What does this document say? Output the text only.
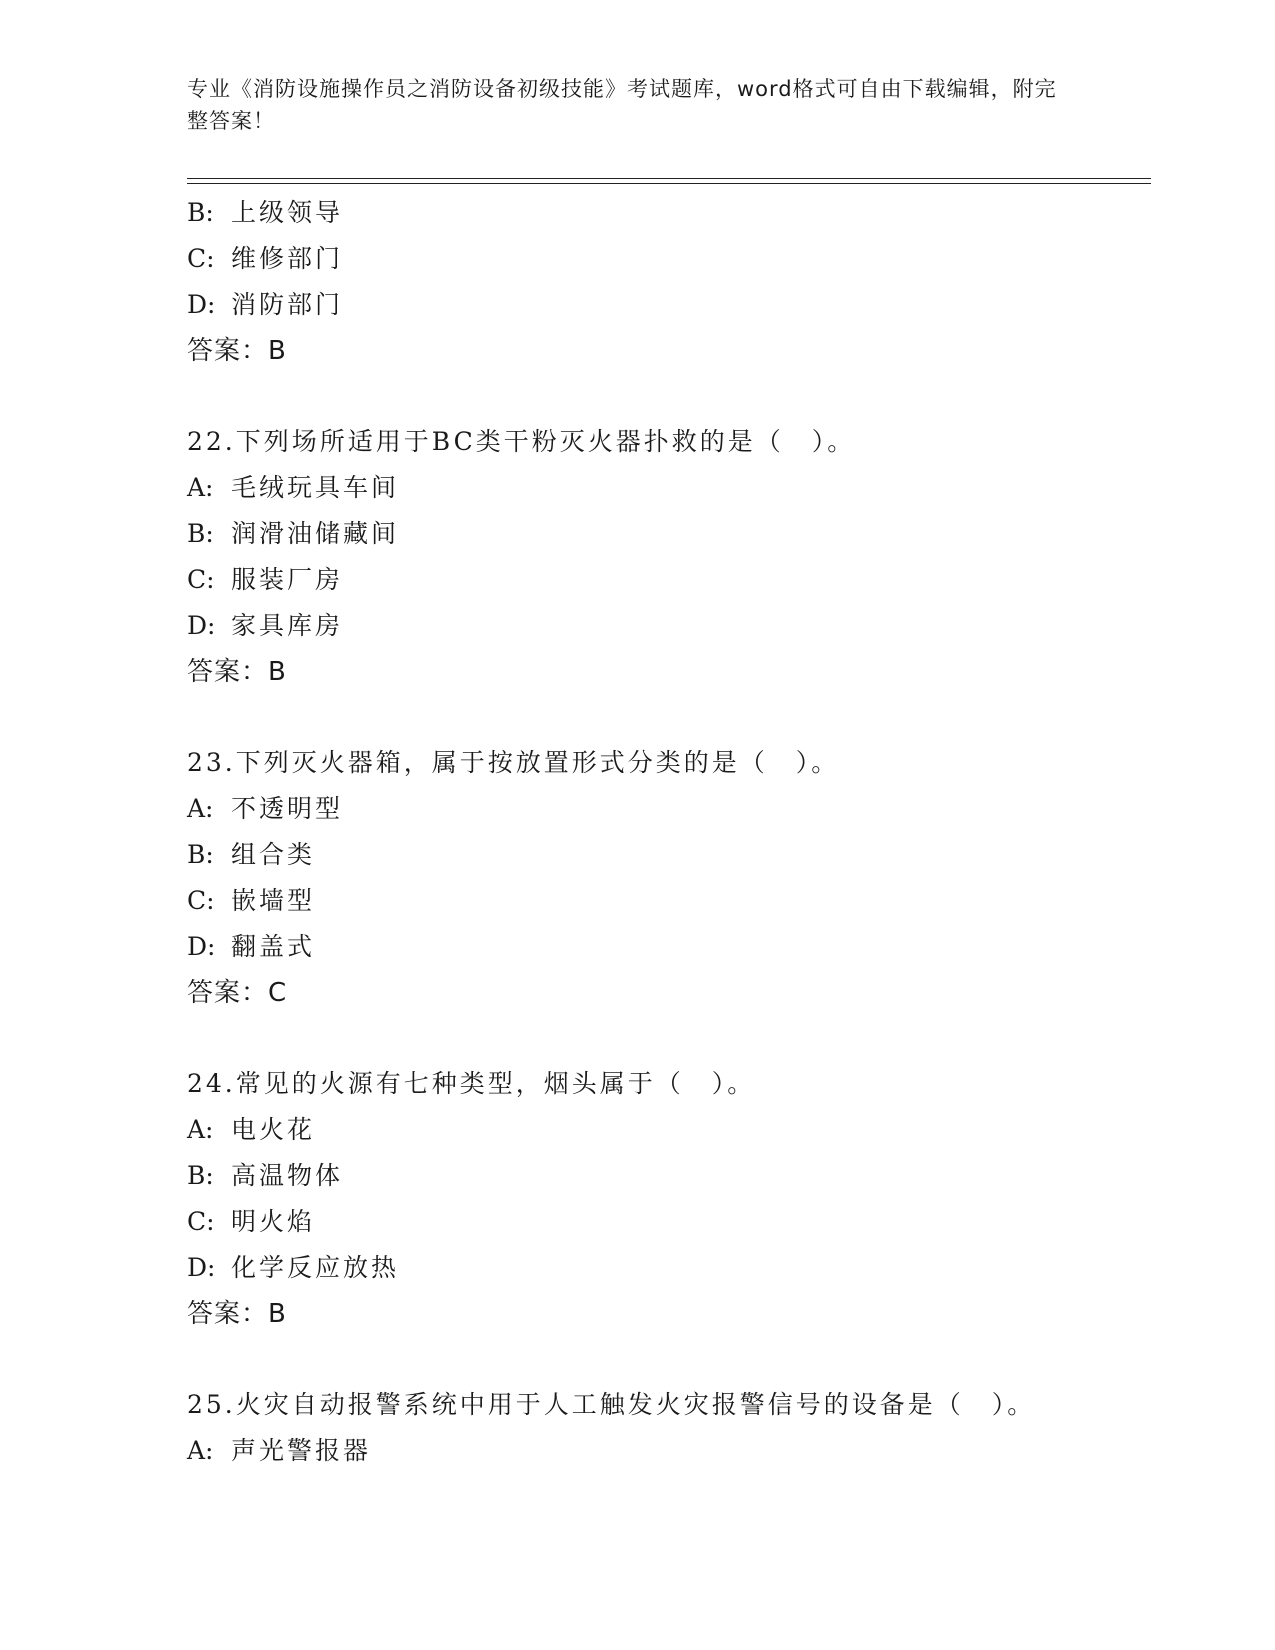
专业《消防设施操作员之消防设备初级技能》考试题库，word格式可自由下载编辑，附完整答案！
B: 上级领导
C: 维修部门
D: 消防部门
答案：B
22.下列场所适用于BC类干粉灭火器扑救的是（　）。
A: 毛绒玩具车间
B: 润滑油储藏间
C: 服装厂房
D: 家具库房
答案：B
23.下列灭火器箱，属于按放置形式分类的是（　）。
A: 不透明型
B: 组合类
C: 嵌墙型
D: 翻盖式
答案：C
24.常见的火源有七种类型，烟头属于（　）。
A: 电火花
B: 高温物体
C: 明火焰
D: 化学反应放热
答案：B
25.火灾自动报警系统中用于人工触发火灾报警信号的设备是（　）。
A: 声光警报器
